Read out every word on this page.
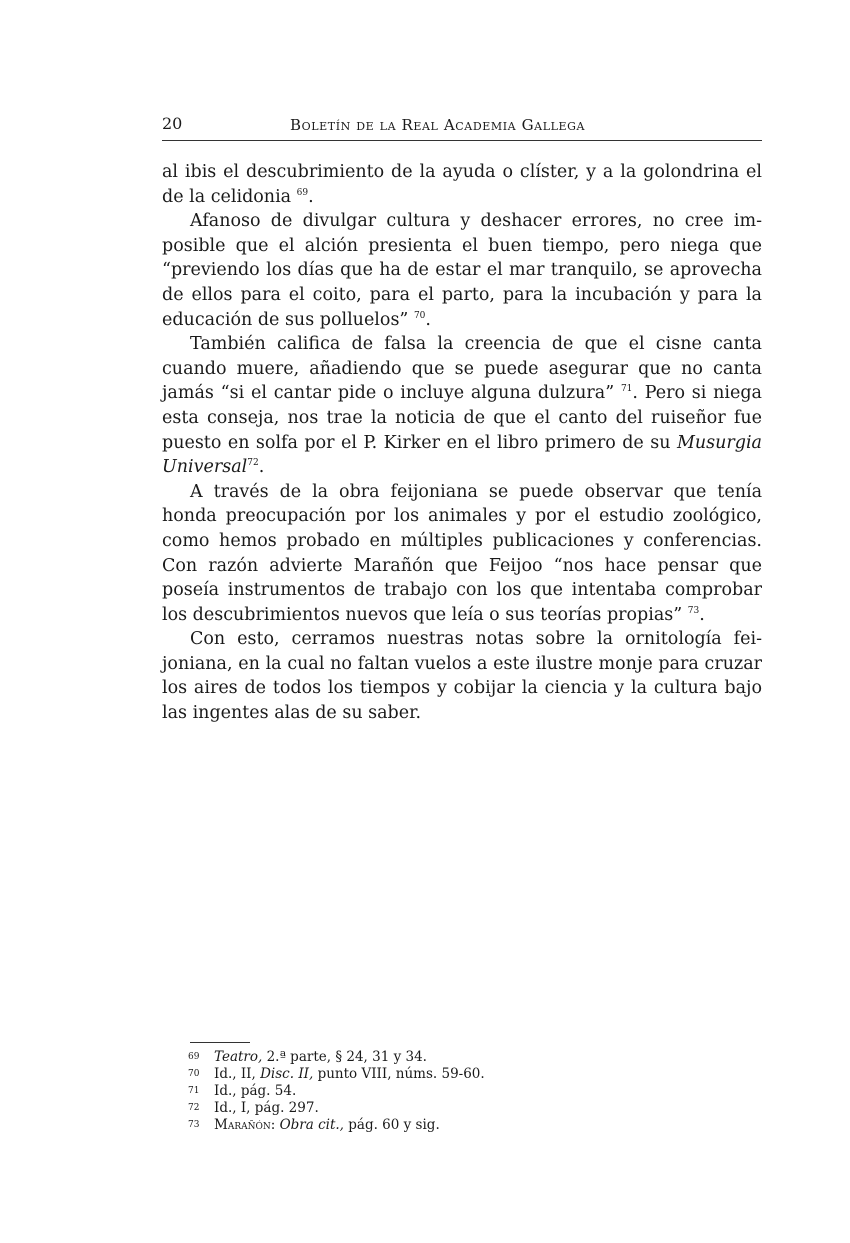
20	Boletín de la Real Academia Gallega

al ibis el descubrimiento de la ayuda o clíster, y a la golondrina el de la celidonia $^{69}$.

Afanoso de divulgar cultura y deshacer errores, no cree imposible que el alción presienta el buen tiempo, pero niega que “previendo los días que ha de estar el mar tranquilo, se aprovecha de ellos para el coito, para el parto, para la incubación y para la educación de sus polluelos” $^{70}$.

También califica de falsa la creencia de que el cisne canta cuando muere, añadiendo que se puede asegurar que no canta jamás “si el cantar pide o incluye alguna dulzura” $^{71}$. Pero si niega esta conseja, nos trae la noticia de que el canto del ruiseñor fue puesto en solfa por el P. Kirker en el libro primero de su Musurgia Universal$^{72}$.

A través de la obra feijoniana se puede observar que tenía honda preocupación por los animales y por el estudio zoológico, como hemos probado en múltiples publicaciones y conferencias. Con razón advierte Marañón que Feijoo “nos hace pensar que poseía instrumentos de trabajo con los que intentaba comprobar los descubrimientos nuevos que leía o sus teorías propias” $^{73}$.

Con esto, cerramos nuestras notas sobre la ornitología feijoniana, en la cual no faltan vuelos a este ilustre monje para cruzar los aires de todos los tiempos y cobijar la ciencia y la cultura bajo las ingentes alas de su saber.

69 Teatro, 2.ª parte, § 24, 31 y 34.
70 Id., II, Disc. II, punto VIII, núms. 59-60.
71 Id., pág. 54.
72 Id., I, pág. 297.
73 Marañón: Obra cit., pág. 60 y sig.
